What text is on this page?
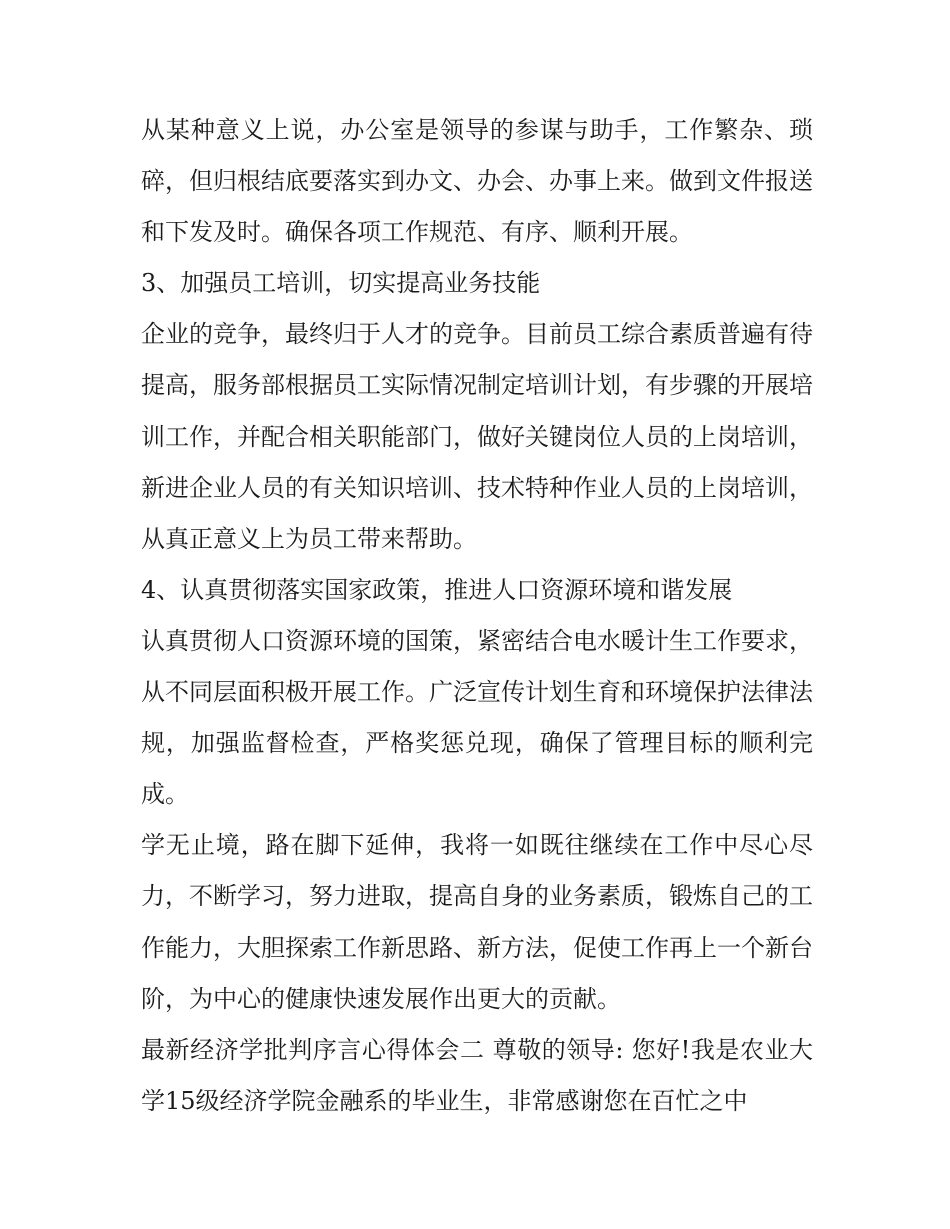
从某种意义上说，办公室是领导的参谋与助手，工作繁杂、琐碎，但归根结底要落实到办文、办会、办事上来。做到文件报送和下发及时。确保各项工作规范、有序、顺利开展。

3、加强员工培训，切实提高业务技能

企业的竞争，最终归于人才的竞争。目前员工综合素质普遍有待提高，服务部根据员工实际情况制定培训计划，有步骤的开展培训工作，并配合相关职能部门，做好关键岗位人员的上岗培训，新进企业人员的有关知识培训、技术特种作业人员的上岗培训，从真正意义上为员工带来帮助。

4、认真贯彻落实国家政策，推进人口资源环境和谐发展

认真贯彻人口资源环境的国策，紧密结合电水暖计生工作要求，从不同层面积极开展工作。广泛宣传计划生育和环境保护法律法规，加强监督检查，严格奖惩兑现，确保了管理目标的顺利完成。

学无止境，路在脚下延伸，我将一如既往继续在工作中尽心尽力，不断学习，努力进取，提高自身的业务素质，锻炼自己的工作能力，大胆探索工作新思路、新方法，促使工作再上一个新台阶，为中心的健康快速发展作出更大的贡献。

最新经济学批判序言心得体会二 尊敬的领导: 您好!我是农业大学15级经济学院金融系的毕业生，非常感谢您在百忙之中
